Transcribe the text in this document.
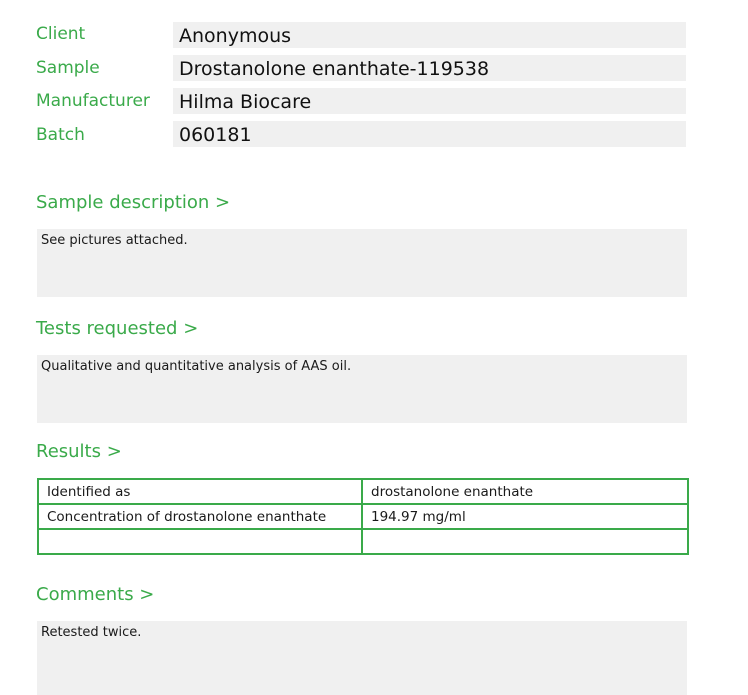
Client	Anonymous
Sample	Drostanolone enanthate-119538
Manufacturer	Hilma Biocare
Batch	060181
Sample description >
See pictures attached.
Tests requested >
Qualitative and quantitative analysis of AAS oil.
Results >
Identified as	drostanolone enanthate
Concentration of drostanolone enanthate	194.97 mg/ml

Comments >
Retested twice.
